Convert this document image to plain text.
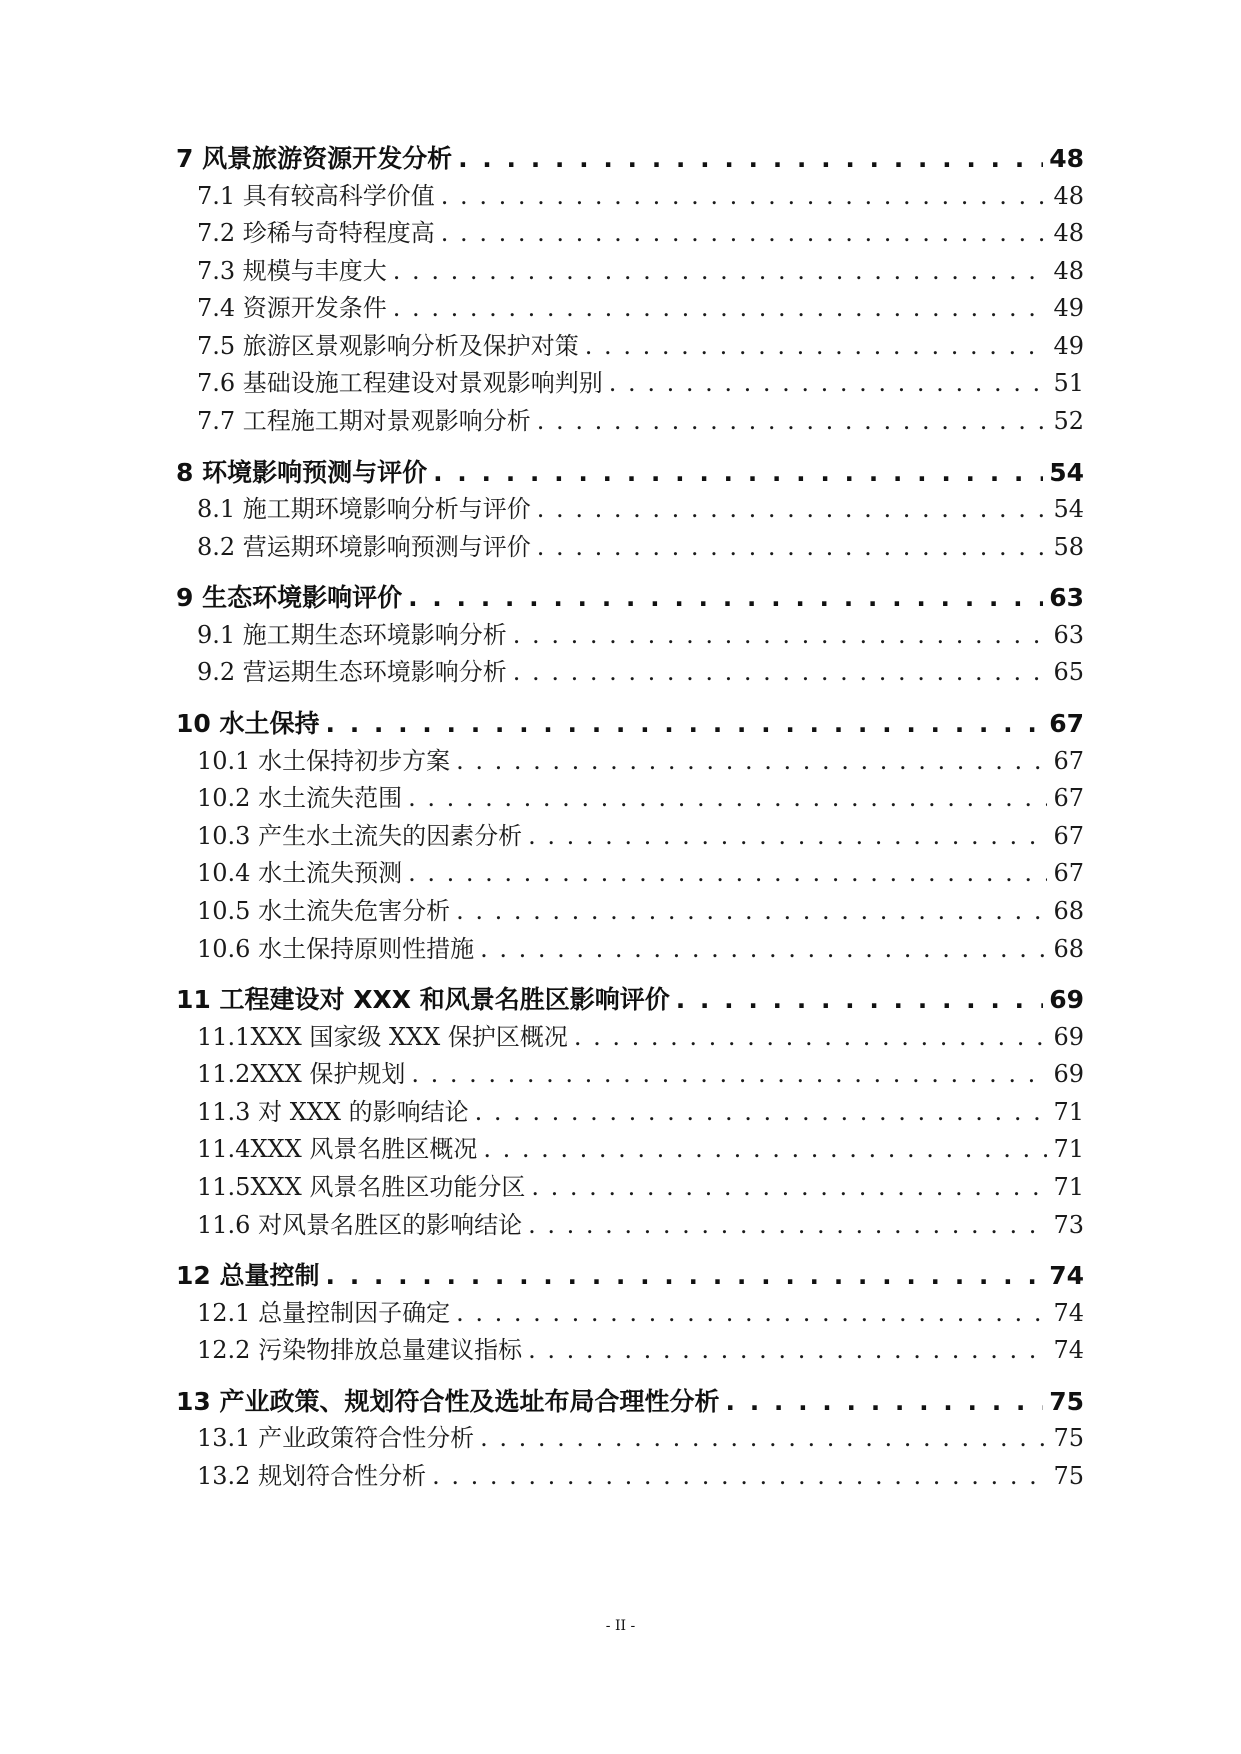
7 风景旅游资源开发分析 . . .	48
7.1 具有较高科学价值 . . .	48
7.2 珍稀与奇特程度高 . . .	48
7.3 规模与丰度大 . . .	48
7.4 资源开发条件 . . .	49
7.5 旅游区景观影响分析及保护对策 . . .	49
7.6 基础设施工程建设对景观影响判别 . . .	51
7.7 工程施工期对景观影响分析 . . .	52
8 环境影响预测与评价 . . .	54
8.1 施工期环境影响分析与评价 . . .	54
8.2 营运期环境影响预测与评价 . . .	58
9 生态环境影响评价 . . .	63
9.1 施工期生态环境影响分析 . . .	63
9.2 营运期生态环境影响分析 . . .	65
10 水土保持 . . .	67
10.1 水土保持初步方案 . . .	67
10.2 水土流失范围 . . .	67
10.3 产生水土流失的因素分析 . . .	67
10.4 水土流失预测 . . .	67
10.5 水土流失危害分析 . . .	68
10.6 水土保持原则性措施 . . .	68
11 工程建设对 XXX 和风景名胜区影响评价 . . .	69
11.1XXX 国家级 XXX 保护区概况 . . .	69
11.2XXX 保护规划 . . .	69
11.3 对 XXX 的影响结论 . . .	71
11.4XXX 风景名胜区概况 . . .	71
11.5XXX 风景名胜区功能分区 . . .	71
11.6 对风景名胜区的影响结论 . . .	73
12 总量控制 . . .	74
12.1 总量控制因子确定 . . .	74
12.2 污染物排放总量建议指标 . . .	74
13 产业政策、规划符合性及选址布局合理性分析 . . .	75
13.1 产业政策符合性分析 . . .	75
13.2 规划符合性分析 . . .	75
- II -
